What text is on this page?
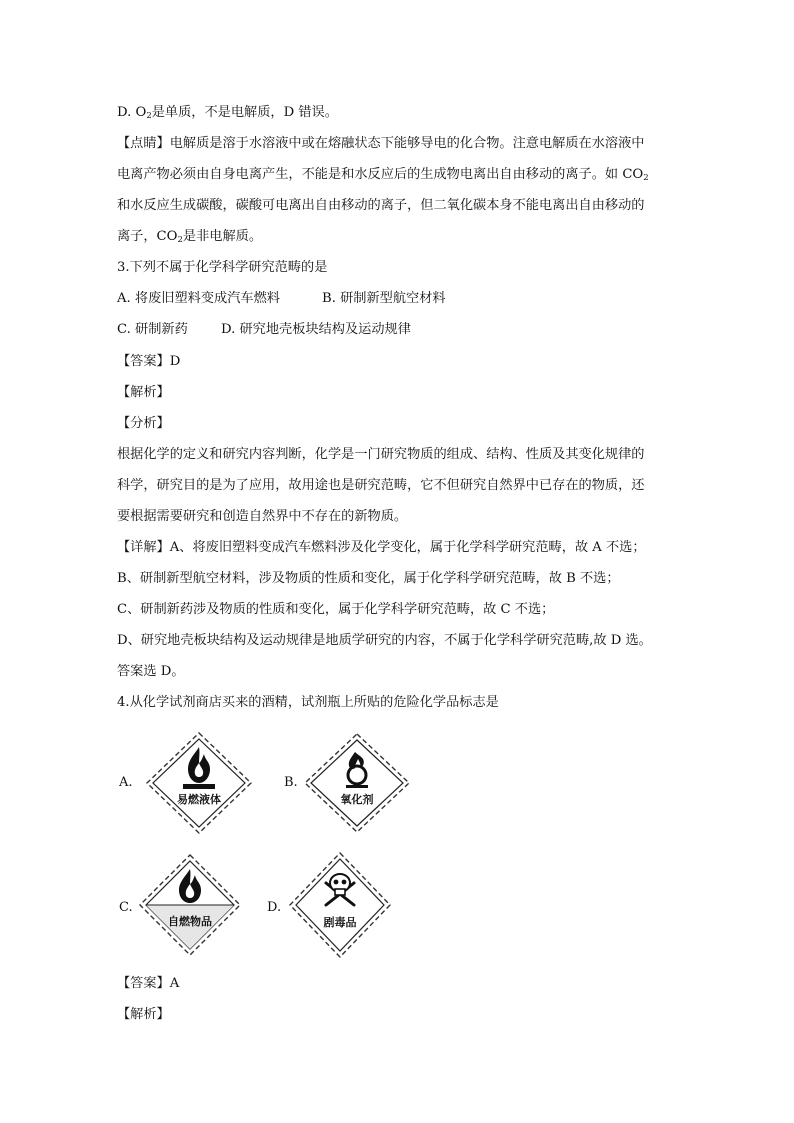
D. $O_2$是单质，不是电解质，D 错误。
【点睛】电解质是溶于水溶液中或在熔融状态下能够导电的化合物。注意电解质在水溶液中
电离产物必须由自身电离产生，不能是和水反应后的生成物电离出自由移动的离子。如 $CO_2$
和水反应生成碳酸，碳酸可电离出自由移动的离子，但二氧化碳本身不能电离出自由移动的
离子，$CO_2$是非电解质。
3.下列不属于化学科学研究范畴的是
A. 将废旧塑料变成汽车燃料	B. 研制新型航空材料
C. 研制新药	D. 研究地壳板块结构及运动规律
【答案】D
【解析】
【分析】
根据化学的定义和研究内容判断，化学是一门研究物质的组成、结构、性质及其变化规律的
科学，研究目的是为了应用，故用途也是研究范畴，它不但研究自然界中已存在的物质，还
要根据需要研究和创造自然界中不存在的新物质。
【详解】A、将废旧塑料变成汽车燃料涉及化学变化，属于化学科学研究范畴，故 A 不选；
B、研制新型航空材料，涉及物质的性质和变化，属于化学科学研究范畴，故 B 不选；
C、研制新药涉及物质的性质和变化，属于化学科学研究范畴，故 C 不选；
D、研究地壳板块结构及运动规律是地质学研究的内容，不属于化学科学研究范畴,故 D 选。
答案选 D。
4.从化学试剂商店买来的酒精，试剂瓶上所贴的危险化学品标志是
A.	B.
C.	D.
易燃液体	氧化剂
自燃物品	剧毒品
【答案】A
【解析】
